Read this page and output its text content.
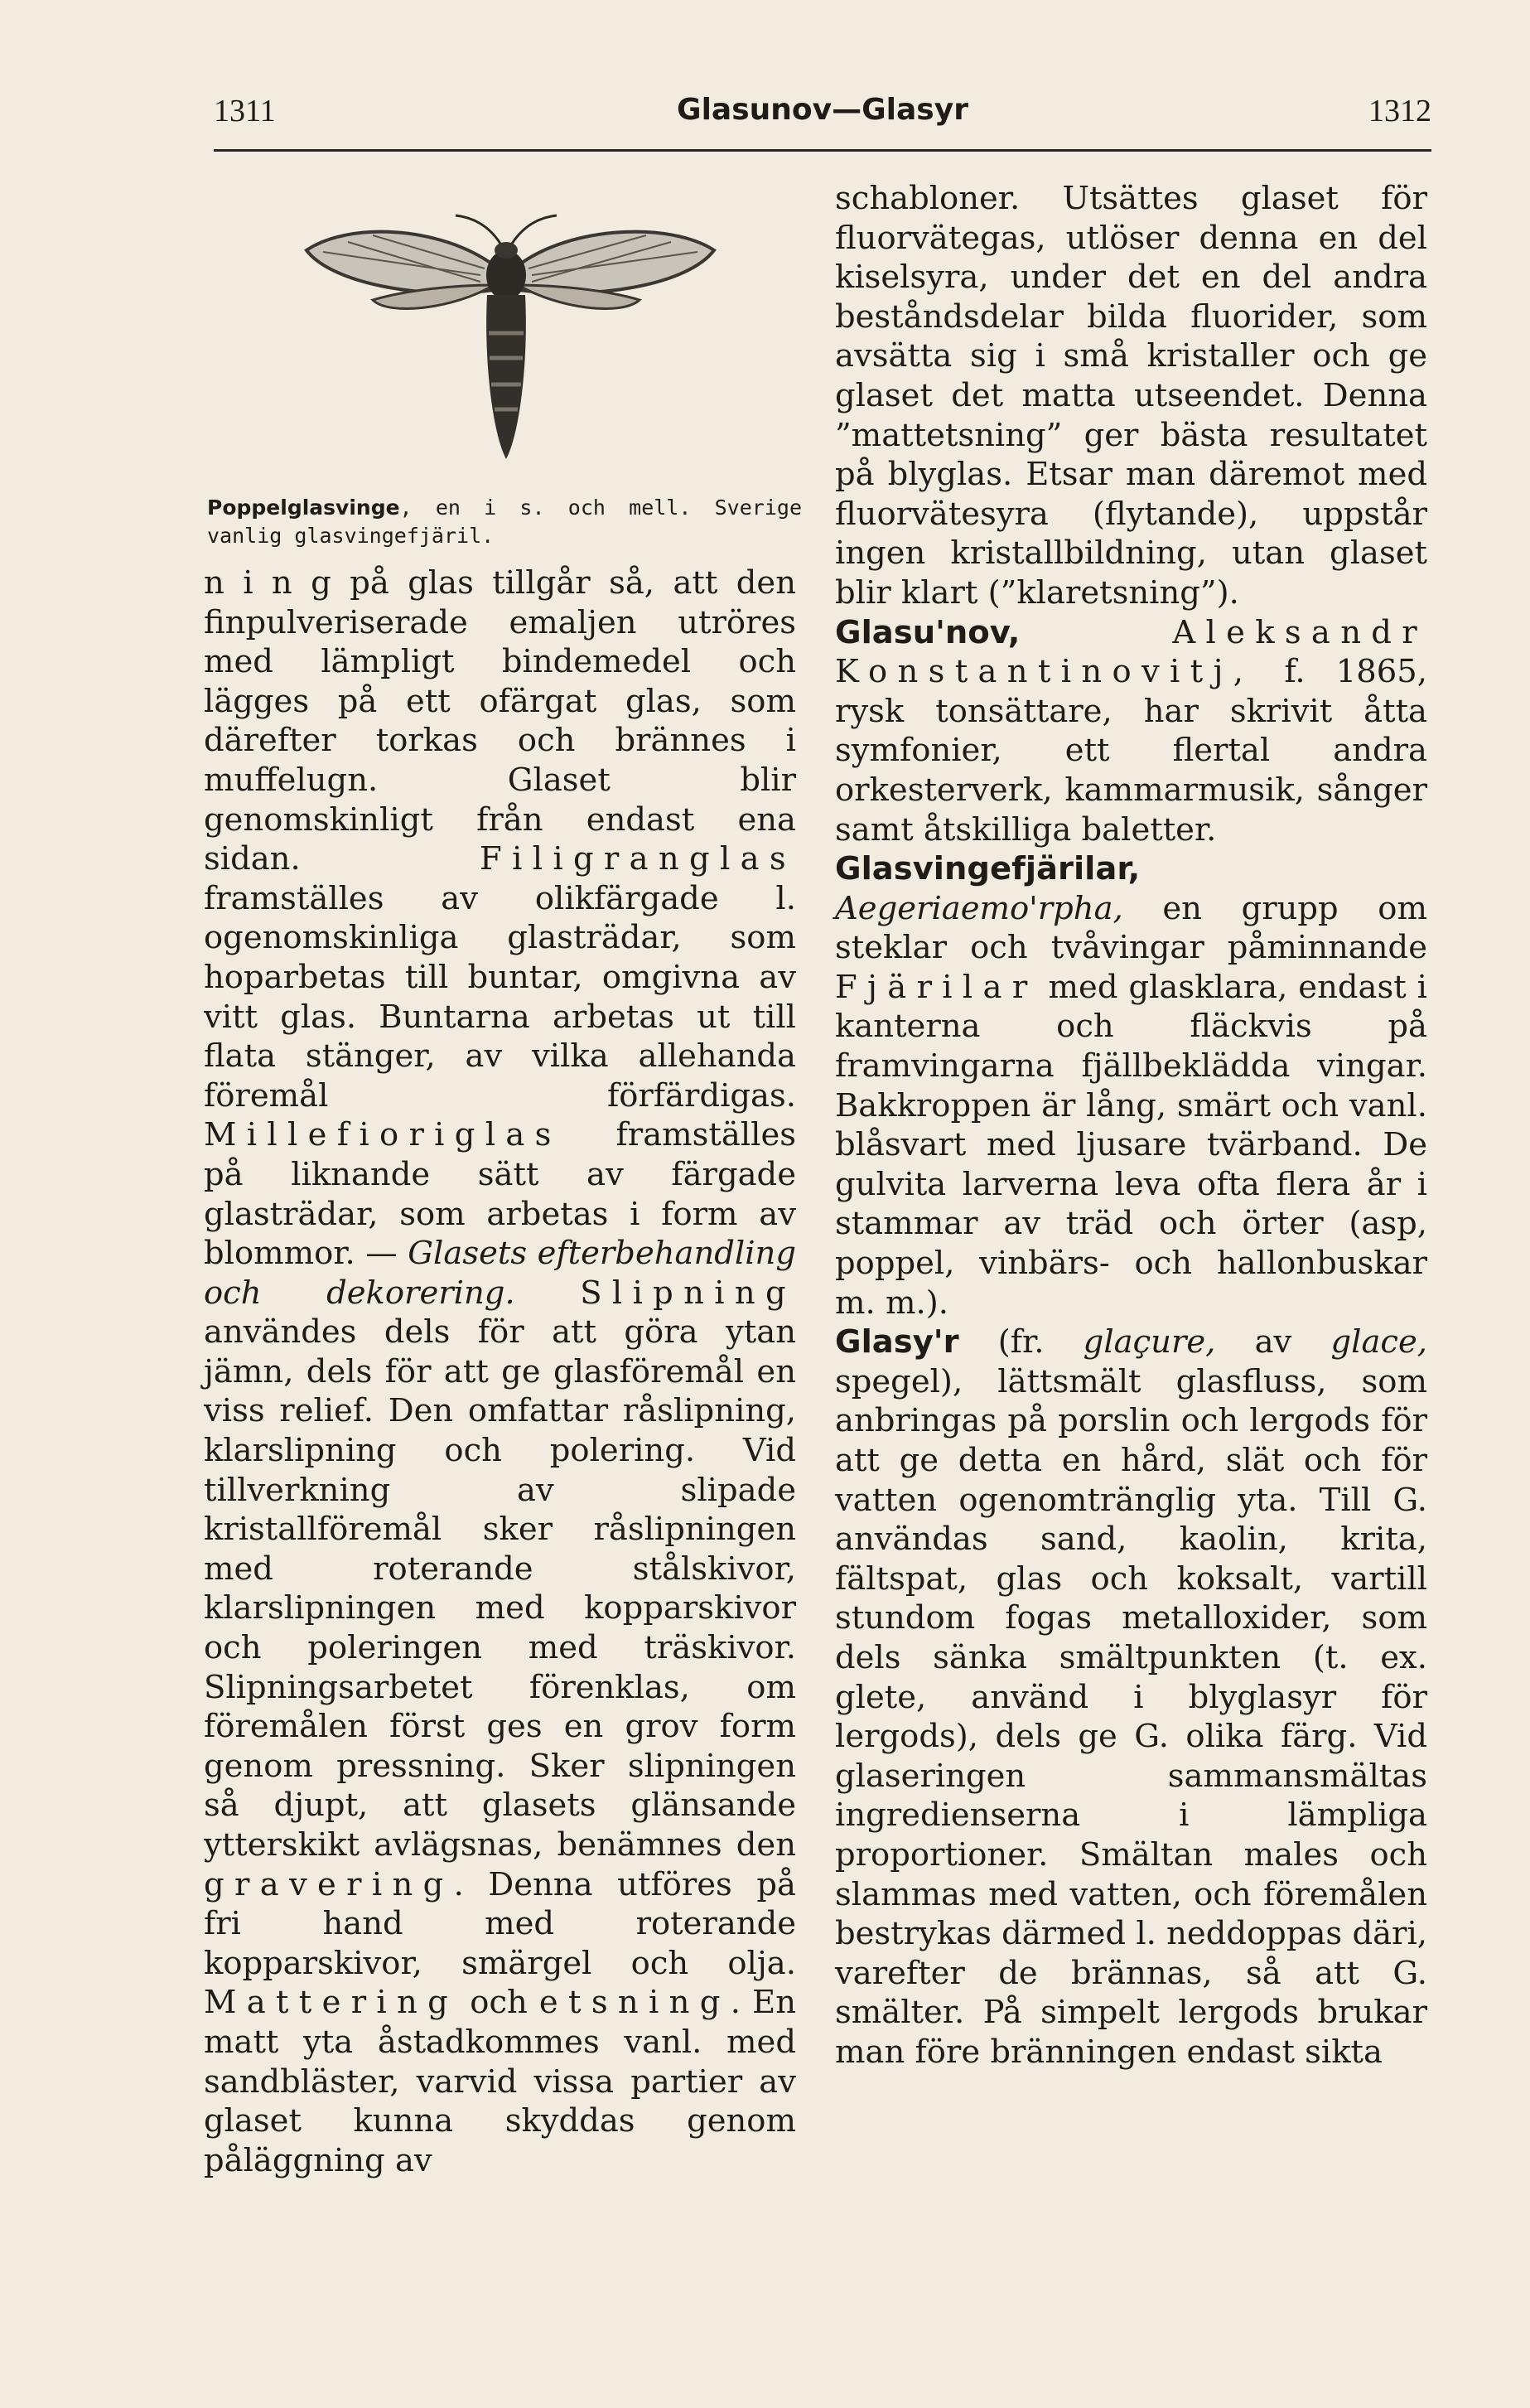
1311	Glasunov—Glasyr	1312
Poppelglasvinge, en i s. och mell. Sverige vanlig glasvingefjäril.

n i n g på glas tillgår så, att den finpulveriserade emaljen utröres med lämpligt bindemedel och lägges på ett ofärgat glas, som därefter torkas och brännes i muffelugn. Glaset blir genomskinligt från endast ena sidan. Filigranglas framställes av olikfärgade l. ogenomskinliga glasträdar, som hoparbetas till buntar, omgivna av vitt glas. Buntarna arbetas ut till flata stänger, av vilka allehanda föremål förfärdigas. Millefioriglas framställes på liknande sätt av färgade glasträdar, som arbetas i form av blommor. — Glasets efterbehandling och dekorering. Slipning användes dels för att göra ytan jämn, dels för att ge glasföremål en viss relief. Den omfattar råslipning, klarslipning och polering. Vid tillverkning av slipade kristallföremål sker råslipningen med roterande stålskivor, klarslipningen med kopparskivor och poleringen med träskivor. Slipningsarbetet förenklas, om föremålen först ges en grov form genom pressning. Sker slipningen så djupt, att glasets glänsande ytterskikt avlägsnas, benämnes den gravering. Denna utföres på fri hand med roterande kopparskivor, smärgel och olja. Mattering och etsning. En matt yta åstadkommes vanl. med sandbläster, varvid vissa partier av glaset kunna skyddas genom påläggning av

schabloner. Utsättes glaset för fluorvätegas, utlöser denna en del kiselsyra, under det en del andra beståndsdelar bilda fluorider, som avsätta sig i små kristaller och ge glaset det matta utseendet. Denna ”mattetsning” ger bästa resultatet på blyglas. Etsar man däremot med fluorvätesyra (flytande), uppstår ingen kristallbildning, utan glaset blir klart (”klaretsning”).

Glasu'nov,	Aleksandr Konstantinovitj, f. 1865, rysk tonsättare, har skrivit åtta symfonier, ett flertal andra orkesterverk, kammarmusik, sånger samt åtskilliga baletter.

Glasvingefjärilar, Aegeriaemo'rpha, en grupp om steklar och tvåvingar påminnande Fjärilar med glasklara, endast i kanterna och fläckvis på framvingarna fjällbeklädda vingar. Bakkroppen är lång, smärt och vanl. blåsvart med ljusare tvärband. De gulvita larverna leva ofta flera år i stammar av träd och örter (asp, poppel, vinbärs- och hallonbuskar m. m.).

Glasy'r (fr. glaçure, av glace, spegel), lättsmält glasfluss, som anbringas på porslin och lergods för att ge detta en hård, slät och för vatten ogenomtränglig yta. Till G. användas sand, kaolin, krita, fältspat, glas och koksalt, vartill stundom fogas metalloxider, som dels sänka smältpunkten (t. ex. glete, använd i blyglasyr för lergods), dels ge G. olika färg. Vid glaseringen sammansmältas ingredienserna i lämpliga proportioner. Smältan males och slammas med vatten, och föremålen bestrykas därmed l. neddoppas däri, varefter de brännas, så att G. smälter. På simpelt lergods brukar man före bränningen endast sikta
